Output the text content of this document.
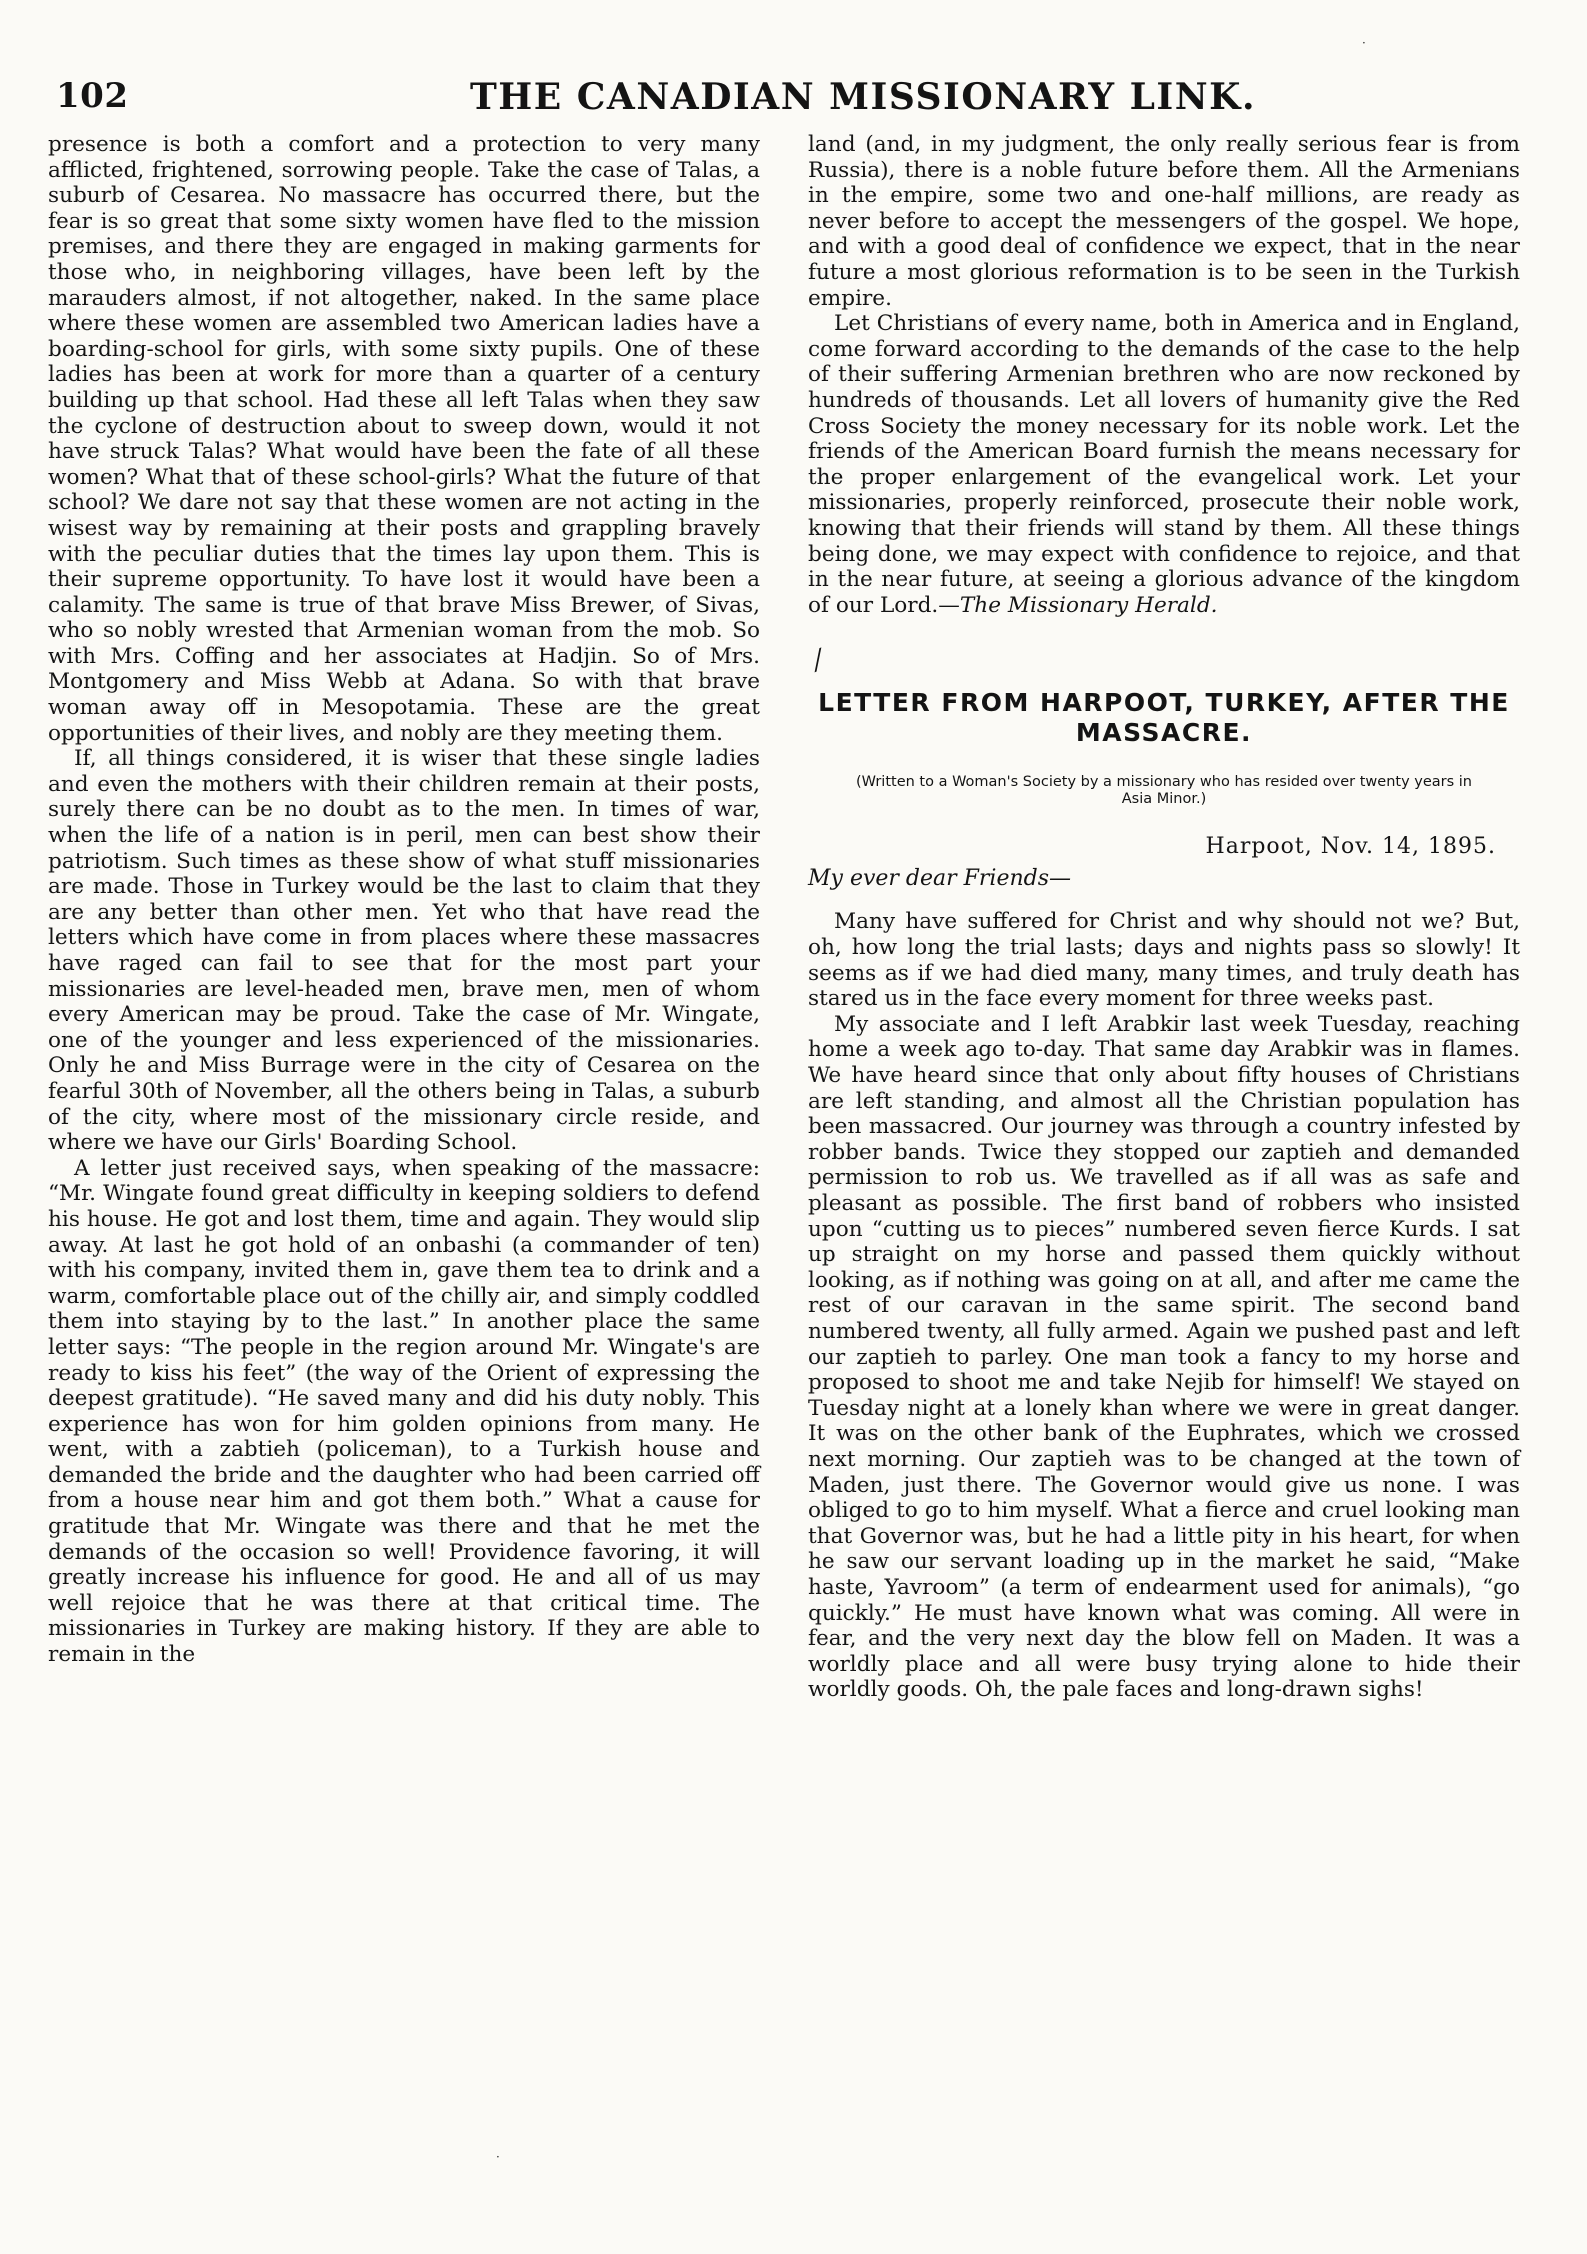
102	THE CANADIAN MISSIONARY LINK.

presence is both a comfort and a protection to very many afflicted, frightened, sorrowing people. Take the case of Talas, a suburb of Cesarea. No massacre has occurred there, but the fear is so great that some sixty women have fled to the mission premises, and there they are engaged in making garments for those who, in neighboring villages, have been left by the marauders almost, if not altogether, naked. In the same place where these women are assembled two American ladies have a boarding-school for girls, with some sixty pupils. One of these ladies has been at work for more than a quarter of a century building up that school. Had these all left Talas when they saw the cyclone of destruction about to sweep down, would it not have struck Talas? What would have been the fate of all these women? What that of these school-girls? What the future of that school? We dare not say that these women are not acting in the wisest way by remaining at their posts and grappling bravely with the peculiar duties that the times lay upon them. This is their supreme opportunity. To have lost it would have been a calamity. The same is true of that brave Miss Brewer, of Sivas, who so nobly wrested that Armenian woman from the mob. So with Mrs. Coffing and her associates at Hadjin. So of Mrs. Montgomery and Miss Webb at Adana. So with that brave woman away off in Mesopotamia. These are the great opportunities of their lives, and nobly are they meeting them.

If, all things considered, it is wiser that these single ladies and even the mothers with their children remain at their posts, surely there can be no doubt as to the men. In times of war, when the life of a nation is in peril, men can best show their patriotism. Such times as these show of what stuff missionaries are made. Those in Turkey would be the last to claim that they are any better than other men. Yet who that have read the letters which have come in from places where these massacres have raged can fail to see that for the most part your missionaries are level-headed men, brave men, men of whom every American may be proud. Take the case of Mr. Wingate, one of the younger and less experienced of the missionaries. Only he and Miss Burrage were in the city of Cesarea on the fearful 30th of November, all the others being in Talas, a suburb of the city, where most of the missionary circle reside, and where we have our Girls' Boarding School.

A letter just received says, when speaking of the massacre: “Mr. Wingate found great difficulty in keeping soldiers to defend his house. He got and lost them, time and again. They would slip away. At last he got hold of an onbashi (a commander of ten) with his company, invited them in, gave them tea to drink and a warm, comfortable place out of the chilly air, and simply coddled them into staying by to the last.” In another place the same letter says: “The people in the region around Mr. Wingate's are ready to kiss his feet” (the way of the Orient of expressing the deepest gratitude). “He saved many and did his duty nobly. This experience has won for him golden opinions from many. He went, with a zabtieh (policeman), to a Turkish house and demanded the bride and the daughter who had been carried off from a house near him and got them both.” What a cause for gratitude that Mr. Wingate was there and that he met the demands of the occasion so well! Providence favoring, it will greatly increase his influence for good. He and all of us may well rejoice that he was there at that critical time. The missionaries in Turkey are making history. If they are able to remain in the

land (and, in my judgment, the only really serious fear is from Russia), there is a noble future before them. All the Armenians in the empire, some two and one-half millions, are ready as never before to accept the messengers of the gospel. We hope, and with a good deal of confidence we expect, that in the near future a most glorious reformation is to be seen in the Turkish empire.

Let Christians of every name, both in America and in England, come forward according to the demands of the case to the help of their suffering Armenian brethren who are now reckoned by hundreds of thousands. Let all lovers of humanity give the Red Cross Society the money necessary for its noble work. Let the friends of the American Board furnish the means necessary for the proper enlargement of the evangelical work. Let your missionaries, properly reinforced, prosecute their noble work, knowing that their friends will stand by them. All these things being done, we may expect with confidence to rejoice, and that in the near future, at seeing a glorious advance of the kingdom of our Lord.—The Missionary Herald.

⁄
LETTER FROM HARPOOT, TURKEY, AFTER THE MASSACRE.
(Written to a Woman's Society by a missionary who has resided over twenty years in Asia Minor.)
Harpoot, Nov. 14, 1895.
My ever dear Friends—

Many have suffered for Christ and why should not we? But, oh, how long the trial lasts; days and nights pass so slowly! It seems as if we had died many, many times, and truly death has stared us in the face every moment for three weeks past.

My associate and I left Arabkir last week Tuesday, reaching home a week ago to-day. That same day Arabkir was in flames. We have heard since that only about fifty houses of Christians are left standing, and almost all the Christian population has been massacred. Our journey was through a country infested by robber bands. Twice they stopped our zaptieh and demanded permission to rob us. We travelled as if all was as safe and pleasant as possible. The first band of robbers who insisted upon “cutting us to pieces” numbered seven fierce Kurds. I sat up straight on my horse and passed them quickly without looking, as if nothing was going on at all, and after me came the rest of our caravan in the same spirit. The second band numbered twenty, all fully armed. Again we pushed past and left our zaptieh to parley. One man took a fancy to my horse and proposed to shoot me and take Nejib for himself! We stayed on Tuesday night at a lonely khan where we were in great danger. It was on the other bank of the Euphrates, which we crossed next morning. Our zaptieh was to be changed at the town of Maden, just there. The Governor would give us none. I was obliged to go to him myself. What a fierce and cruel looking man that Governor was, but he had a little pity in his heart, for when he saw our servant loading up in the market he said, “Make haste, Yavroom” (a term of endearment used for animals), “go quickly.” He must have known what was coming. All were in fear, and the very next day the blow fell on Maden. It was a worldly place and all were busy trying alone to hide their worldly goods. Oh, the pale faces and long-drawn sighs!

·
·
